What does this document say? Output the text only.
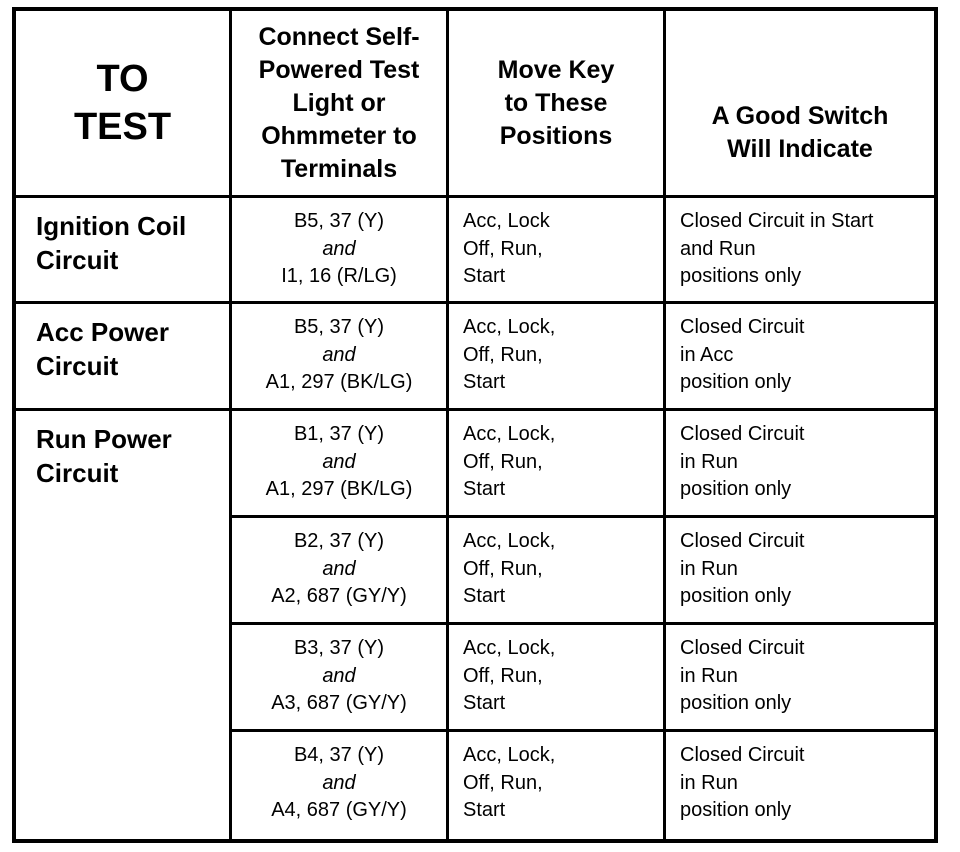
TO
TEST
Connect Self-
Powered Test
Light or
Ohmmeter to
Terminals
Move Key
to These
Positions
A Good Switch
Will Indicate
Ignition Coil
Circuit
Acc Power
Circuit
Run Power
Circuit
B5, 37 (Y)
and
I1, 16 (R/LG)
Acc, Lock
Off, Run,
Start
Closed Circuit in Start
and Run
positions only
B5, 37 (Y)
and
A1, 297 (BK/LG)
Acc, Lock,
Off, Run,
Start
Closed Circuit
in Acc
position only
B1, 37 (Y)
and
A1, 297 (BK/LG)
Acc, Lock,
Off, Run,
Start
Closed Circuit
in Run
position only
B2, 37 (Y)
and
A2, 687 (GY/Y)
Acc, Lock,
Off, Run,
Start
Closed Circuit
in Run
position only
B3, 37 (Y)
and
A3, 687 (GY/Y)
Acc, Lock,
Off, Run,
Start
Closed Circuit
in Run
position only
B4, 37 (Y)
and
A4, 687 (GY/Y)
Acc, Lock,
Off, Run,
Start
Closed Circuit
in Run
position only
